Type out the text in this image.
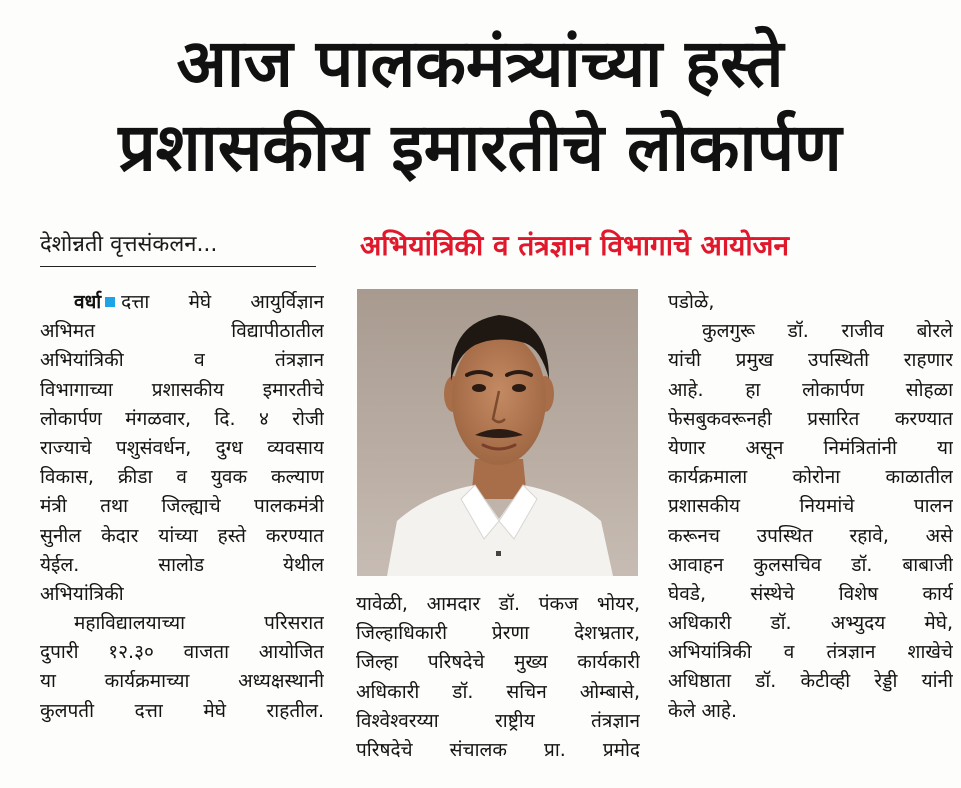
आज पालकमंत्र्यांच्या हस्ते
प्रशासकीय इमारतीचे लोकार्पण
देशोन्नती वृत्तसंकलन...	अभियांत्रिकी व तंत्रज्ञान विभागाचे आयोजन
वर्धा दत्ता मेघे आयुर्विज्ञान
अभिमत विद्यापीठातील
अभियांत्रिकी व तंत्रज्ञान
विभागाच्या प्रशासकीय इमारतीचे
लोकार्पण मंगळवार, दि. ४ रोजी
राज्याचे पशुसंवर्धन, दुग्ध व्यवसाय
विकास, क्रीडा व युवक कल्याण
मंत्री तथा जिल्ह्याचे पालकमंत्री
सुनील केदार यांच्या हस्ते करण्यात
येईल. सालोड येथील
अभियांत्रिकी
महाविद्यालयाच्या परिसरात
दुपारी १२.३० वाजता आयोजित
या कार्यक्रमाच्या अध्यक्षस्थानी
कुलपती दत्ता मेघे राहतील.
यावेळी, आमदार डॉ. पंकज भोयर,
जिल्हाधिकारी प्रेरणा देशभ्रतार,
जिल्हा परिषदेचे मुख्य कार्यकारी
अधिकारी डॉ. सचिन ओम्बासे,
विश्वेश्वरय्या राष्ट्रीय तंत्रज्ञान
परिषदेचे संचालक प्रा. प्रमोद
पडोळे,
कुलगुरू डॉ. राजीव बोरले
यांची प्रमुख उपस्थिती राहणार
आहे. हा लोकार्पण सोहळा
फेसबुकवरूनही प्रसारित करण्यात
येणार असून निमंत्रितांनी या
कार्यक्रमाला कोरोना काळातील
प्रशासकीय नियमांचे पालन
करूनच उपस्थित रहावे, असे
आवाहन कुलसचिव डॉ. बाबाजी
घेवडे, संस्थेचे विशेष कार्य
अधिकारी डॉ. अभ्युदय मेघे,
अभियांत्रिकी व तंत्रज्ञान शाखेचे
अधिष्ठाता डॉ. केटीव्ही रेड्डी यांनी
केले आहे.
